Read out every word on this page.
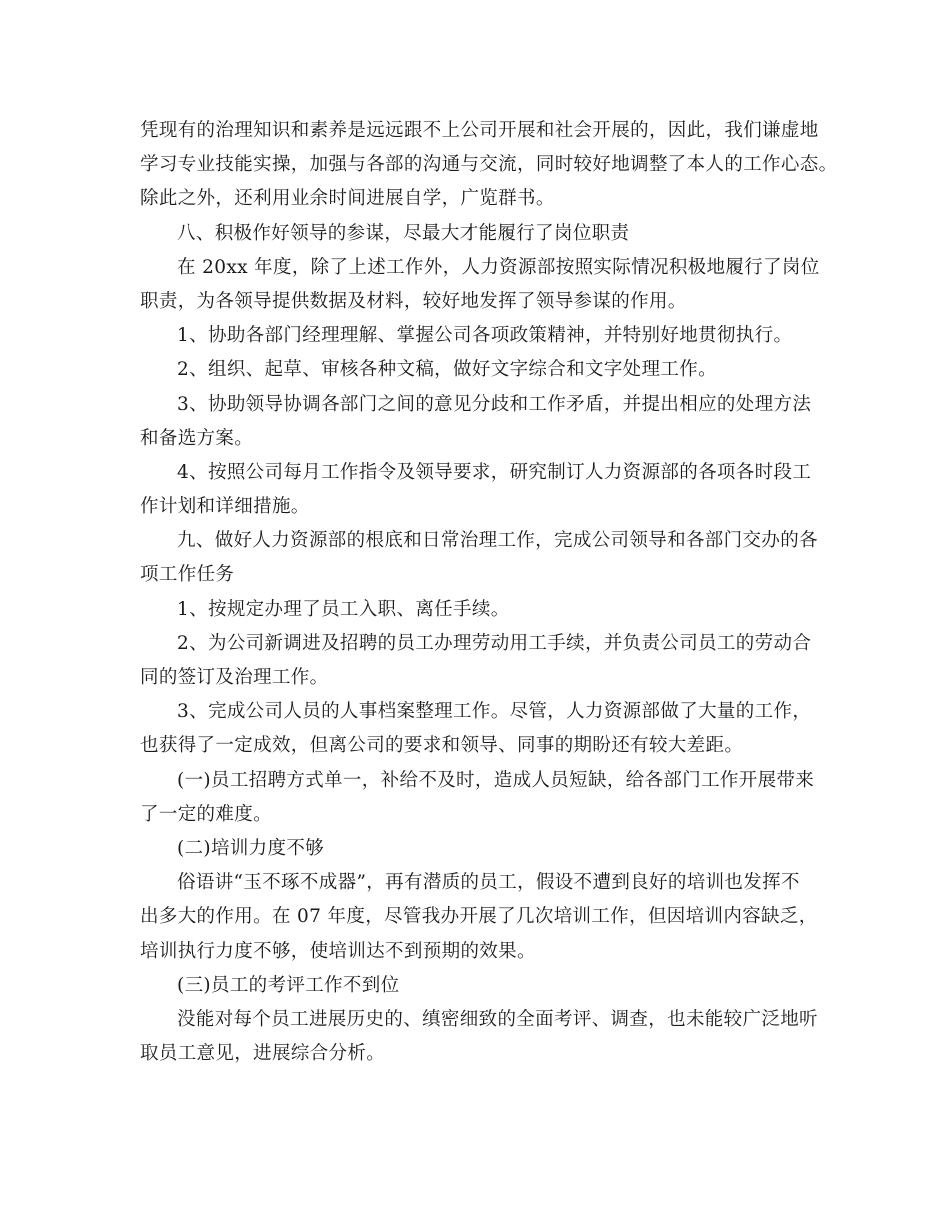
凭现有的治理知识和素养是远远跟不上公司开展和社会开展的，因此，我们谦虚地
学习专业技能实操，加强与各部的沟通与交流，同时较好地调整了本人的工作心态。
除此之外，还利用业余时间进展自学，广览群书。
八、积极作好领导的参谋，尽最大才能履行了岗位职责
在 20xx 年度，除了上述工作外，人力资源部按照实际情况积极地履行了岗位
职责，为各领导提供数据及材料，较好地发挥了领导参谋的作用。
1、协助各部门经理理解、掌握公司各项政策精神，并特别好地贯彻执行。
2、组织、起草、审核各种文稿，做好文字综合和文字处理工作。
3、协助领导协调各部门之间的意见分歧和工作矛盾，并提出相应的处理方法
和备选方案。
4、按照公司每月工作指令及领导要求，研究制订人力资源部的各项各时段工
作计划和详细措施。
九、做好人力资源部的根底和日常治理工作，完成公司领导和各部门交办的各
项工作任务
1、按规定办理了员工入职、离任手续。
2、为公司新调进及招聘的员工办理劳动用工手续，并负责公司员工的劳动合
同的签订及治理工作。
3、完成公司人员的人事档案整理工作。尽管，人力资源部做了大量的工作，
也获得了一定成效，但离公司的要求和领导、同事的期盼还有较大差距。
(一)员工招聘方式单一，补给不及时，造成人员短缺，给各部门工作开展带来
了一定的难度。
(二)培训力度不够
俗语讲“玉不琢不成器”，再有潜质的员工，假设不遭到良好的培训也发挥不
出多大的作用。在 07 年度，尽管我办开展了几次培训工作，但因培训内容缺乏，
培训执行力度不够，使培训达不到预期的效果。
(三)员工的考评工作不到位
没能对每个员工进展历史的、缜密细致的全面考评、调查，也未能较广泛地听
取员工意见，进展综合分析。
